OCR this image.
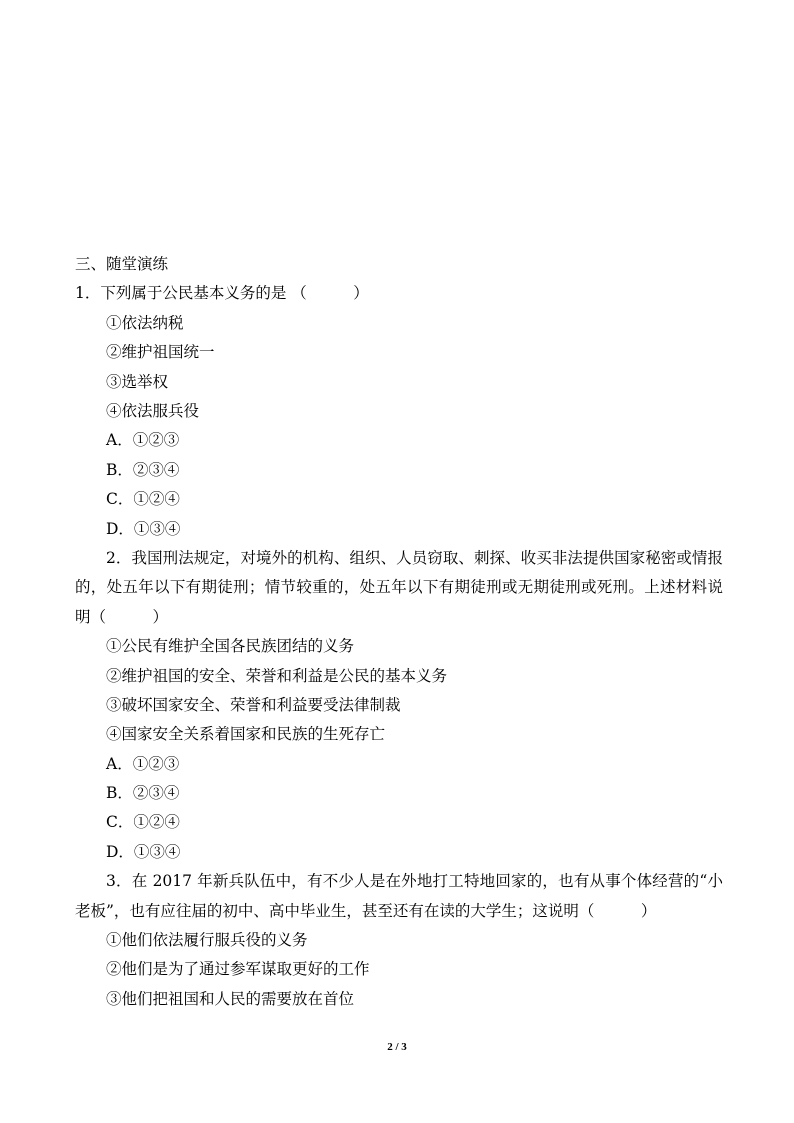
三、随堂演练
1．下列属于公民基本义务的是 （　　　）
①依法纳税
②维护祖国统一
③选举权
④依法服兵役
A．①②③
B．②③④
C．①②④
D．①③④

2．我国刑法规定，对境外的机构、组织、人员窃取、刺探、收买非法提供国家秘密或情报的，处五年以下有期徒刑；情节较重的，处五年以下有期徒刑或无期徒刑或死刑。上述材料说明（　　　）

①公民有维护全国各民族团结的义务
②维护祖国的安全、荣誉和利益是公民的基本义务
③破坏国家安全、荣誉和利益要受法律制裁
④国家安全关系着国家和民族的生死存亡
A．①②③
B．②③④
C．①②④
D．①③④

3．在 2017 年新兵队伍中，有不少人是在外地打工特地回家的，也有从事个体经营的“小老板”，也有应往届的初中、高中毕业生，甚至还有在读的大学生；这说明（　　　）

①他们依法履行服兵役的义务
②他们是为了通过参军谋取更好的工作
③他们把祖国和人民的需要放在首位
2 / 3
